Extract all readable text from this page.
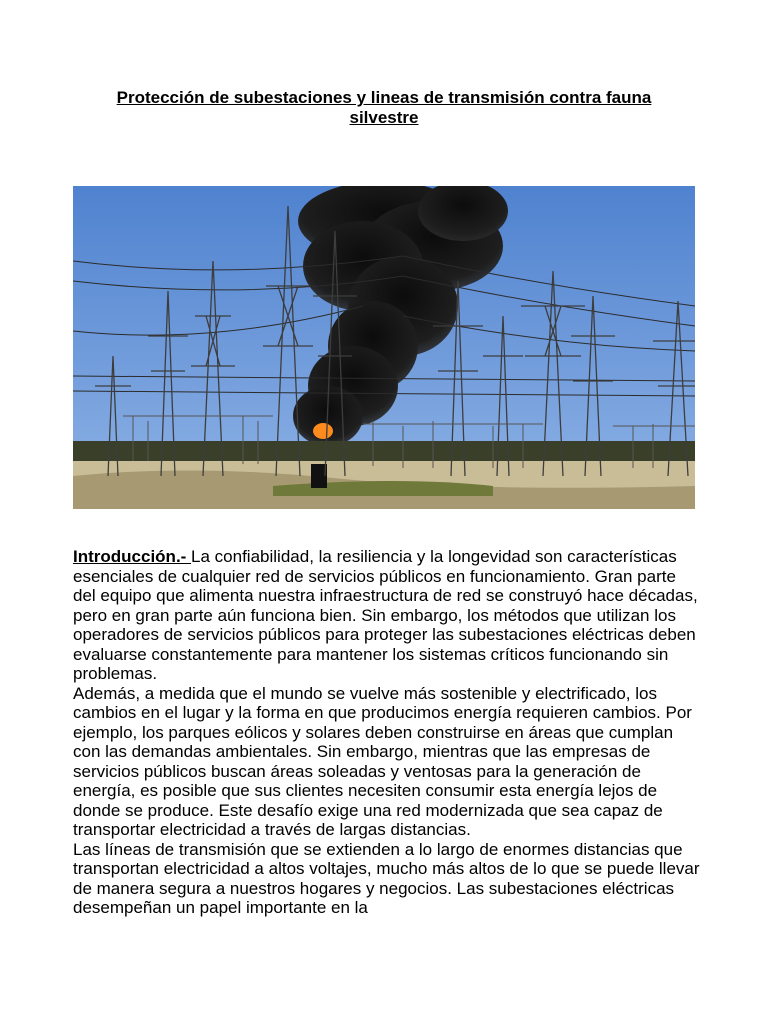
Protección de subestaciones y lineas de transmisión contra fauna silvestre

Introducción.- La confiabilidad, la resiliencia y la longevidad son características esenciales de cualquier red de servicios públicos en funcionamiento. Gran parte del equipo que alimenta nuestra infraestructura de red se construyó hace décadas, pero en gran parte aún funciona bien. Sin embargo, los métodos que utilizan los operadores de servicios públicos para proteger las subestaciones eléctricas deben evaluarse constantemente para mantener los sistemas críticos funcionando sin problemas.

Además, a medida que el mundo se vuelve más sostenible y electrificado, los cambios en el lugar y la forma en que producimos energía requieren cambios. Por ejemplo, los parques eólicos y solares deben construirse en áreas que cumplan con las demandas ambientales. Sin embargo, mientras que las empresas de servicios públicos buscan áreas soleadas y ventosas para la generación de energía, es posible que sus clientes necesiten consumir esta energía lejos de donde se produce. Este desafío exige una red modernizada que sea capaz de transportar electricidad a través de largas distancias.

Las líneas de transmisión que se extienden a lo largo de enormes distancias que transportan electricidad a altos voltajes, mucho más altos de lo que se puede llevar de manera segura a nuestros hogares y negocios. Las subestaciones eléctricas desempeñan un papel importante en la
